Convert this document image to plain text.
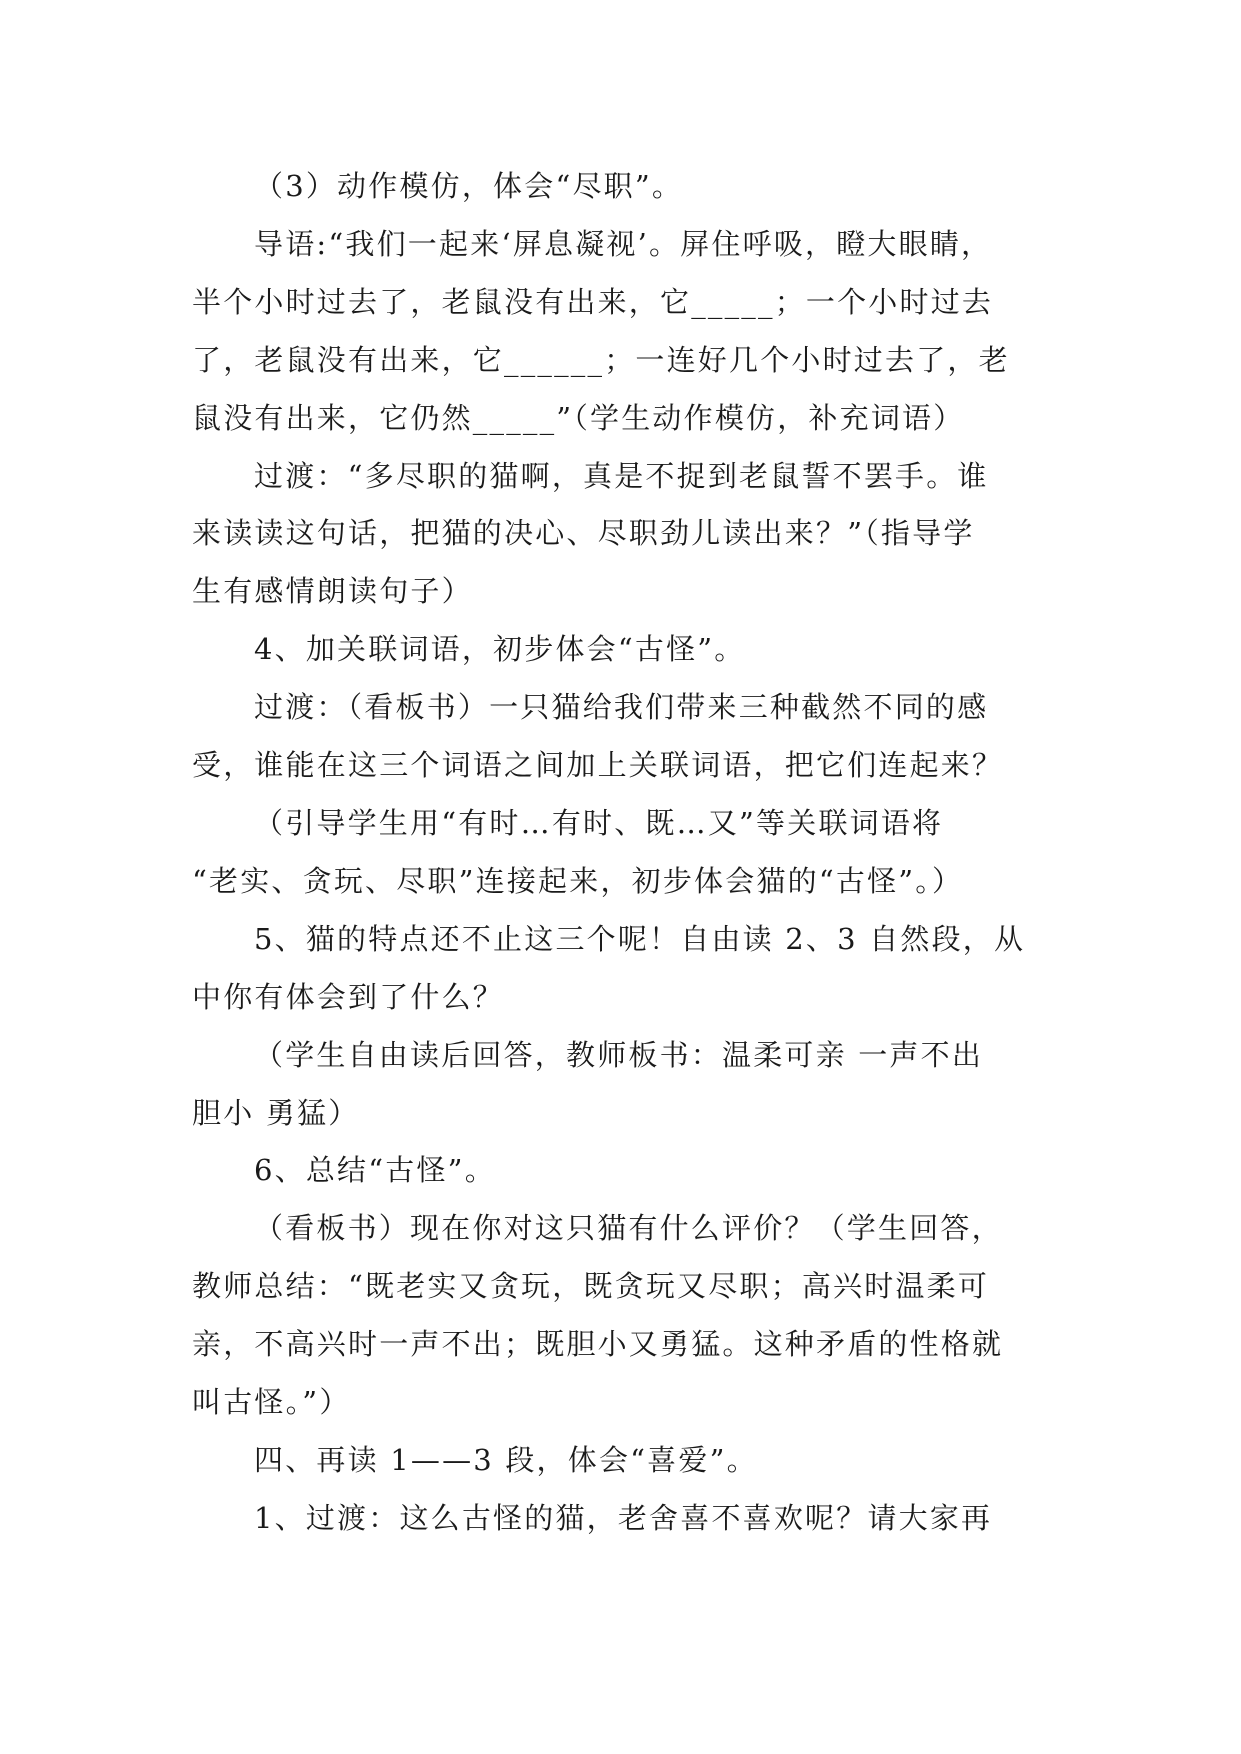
（3）动作模仿，体会“尽职”。

导语:“我们一起来‘屏息凝视’。屏住呼吸，瞪大眼睛，
半个小时过去了，老鼠没有出来，它_____；一个小时过去
了，老鼠没有出来，它______；一连好几个小时过去了，老
鼠没有出来，它仍然_____”（学生动作模仿，补充词语）

过渡：“多尽职的猫啊，真是不捉到老鼠誓不罢手。谁
来读读这句话，把猫的决心、尽职劲儿读出来？”（指导学
生有感情朗读句子）

4、加关联词语，初步体会“古怪”。

过渡：（看板书）一只猫给我们带来三种截然不同的感
受，谁能在这三个词语之间加上关联词语，把它们连起来？

（引导学生用“有时…有时、既…又”等关联词语将
“老实、贪玩、尽职”连接起来，初步体会猫的“古怪”。）

5、猫的特点还不止这三个呢！自由读 2、3 自然段，从
中你有体会到了什么？

（学生自由读后回答，教师板书：温柔可亲 一声不出
胆小 勇猛）

6、总结“古怪”。

（看板书）现在你对这只猫有什么评价？（学生回答，
教师总结：“既老实又贪玩，既贪玩又尽职；高兴时温柔可
亲，不高兴时一声不出；既胆小又勇猛。这种矛盾的性格就
叫古怪。”）

四、再读 1——3 段，体会“喜爱”。

1、过渡：这么古怪的猫，老舍喜不喜欢呢？请大家再
